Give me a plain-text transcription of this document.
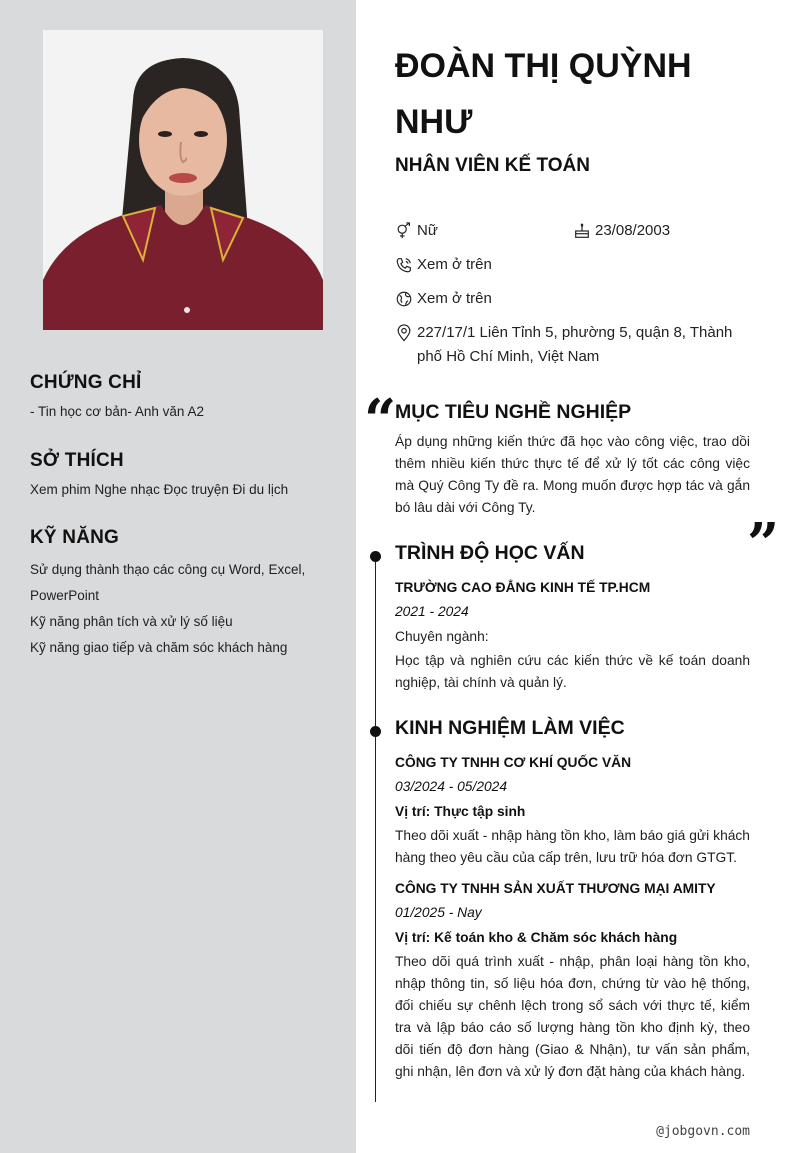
CHỨNG CHỈ
- Tin học cơ bản- Anh văn A2
SỞ THÍCH
Xem phim Nghe nhạc Đọc truyện Đi du lịch
KỸ NĂNG
Sử dụng thành thạo các công cụ Word, Excel, PowerPoint
Kỹ năng phân tích và xử lý số liệu
Kỹ năng giao tiếp và chăm sóc khách hàng
ĐOÀN THỊ QUỲNH NHƯ
NHÂN VIÊN KẾ TOÁN
Nữ	23/08/2003
Xem ở trên
Xem ở trên
227/17/1 Liên Tỉnh 5, phường 5, quận 8, Thành phố Hồ Chí Minh, Việt Nam
“
MỤC TIÊU NGHỀ NGHIỆP
Áp dụng những kiến thức đã học vào công việc, trao dồi thêm nhiều kiến thức thực tế để xử lý tốt các công việc mà Quý Công Ty đề ra. Mong muốn được hợp tác và gắn bó lâu dài với Công Ty.
”
TRÌNH ĐỘ HỌC VẤN
TRƯỜNG CAO ĐẲNG KINH TẾ TP.HCM
2021 - 2024
Chuyên ngành:
Học tập và nghiên cứu các kiến thức về kế toán doanh nghiệp, tài chính và quản lý.
KINH NGHIỆM LÀM VIỆC
CÔNG TY TNHH CƠ KHÍ QUỐC VĂN
03/2024 - 05/2024
Vị trí: Thực tập sinh
Theo dõi xuất - nhập hàng tồn kho, làm báo giá gửi khách hàng theo yêu cầu của cấp trên, lưu trữ hóa đơn GTGT.
CÔNG TY TNHH SẢN XUẤT THƯƠNG MẠI AMITY
01/2025 - Nay
Vị trí: Kế toán kho & Chăm sóc khách hàng
Theo dõi quá trình xuất - nhập, phân loại hàng tồn kho, nhập thông tin, số liệu hóa đơn, chứng từ vào hệ thống, đối chiếu sự chênh lệch trong sổ sách với thực tế, kiểm tra và lập báo cáo số lượng hàng tồn kho định kỳ, theo dõi tiến độ đơn hàng (Giao & Nhận), tư vấn sản phẩm, ghi nhận, lên đơn và xử lý đơn đặt hàng của khách hàng.
@jobgovn.com
